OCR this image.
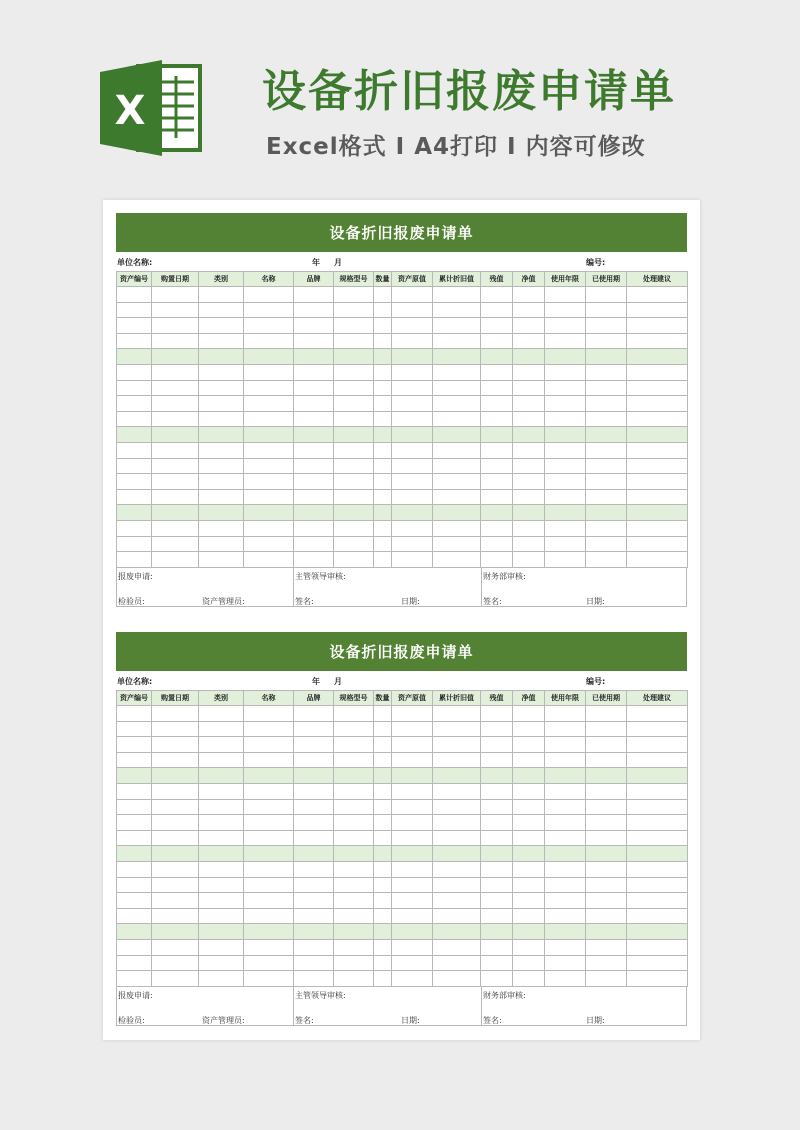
X	设备折旧报废申请单
Excel格式 I A4打印 I 内容可修改
设备折旧报废申请单
单位名称:	年 月	编号:
资产编号	购置日期	类别	名称	品牌	规格型号	数量	资产原值	累计折旧值	残值	净值	使用年限	已使用期	处理建议

报废申请:
检验员:	资产管理员:
主管领导审核:
签名:	日期:
财务部审核:
签名:	日期:
设备折旧报废申请单
单位名称:	年 月	编号:
资产编号	购置日期	类别	名称	品牌	规格型号	数量	资产原值	累计折旧值	残值	净值	使用年限	已使用期	处理建议

报废申请:
检验员:	资产管理员:
主管领导审核:
签名:	日期:
财务部审核:
签名:	日期:
